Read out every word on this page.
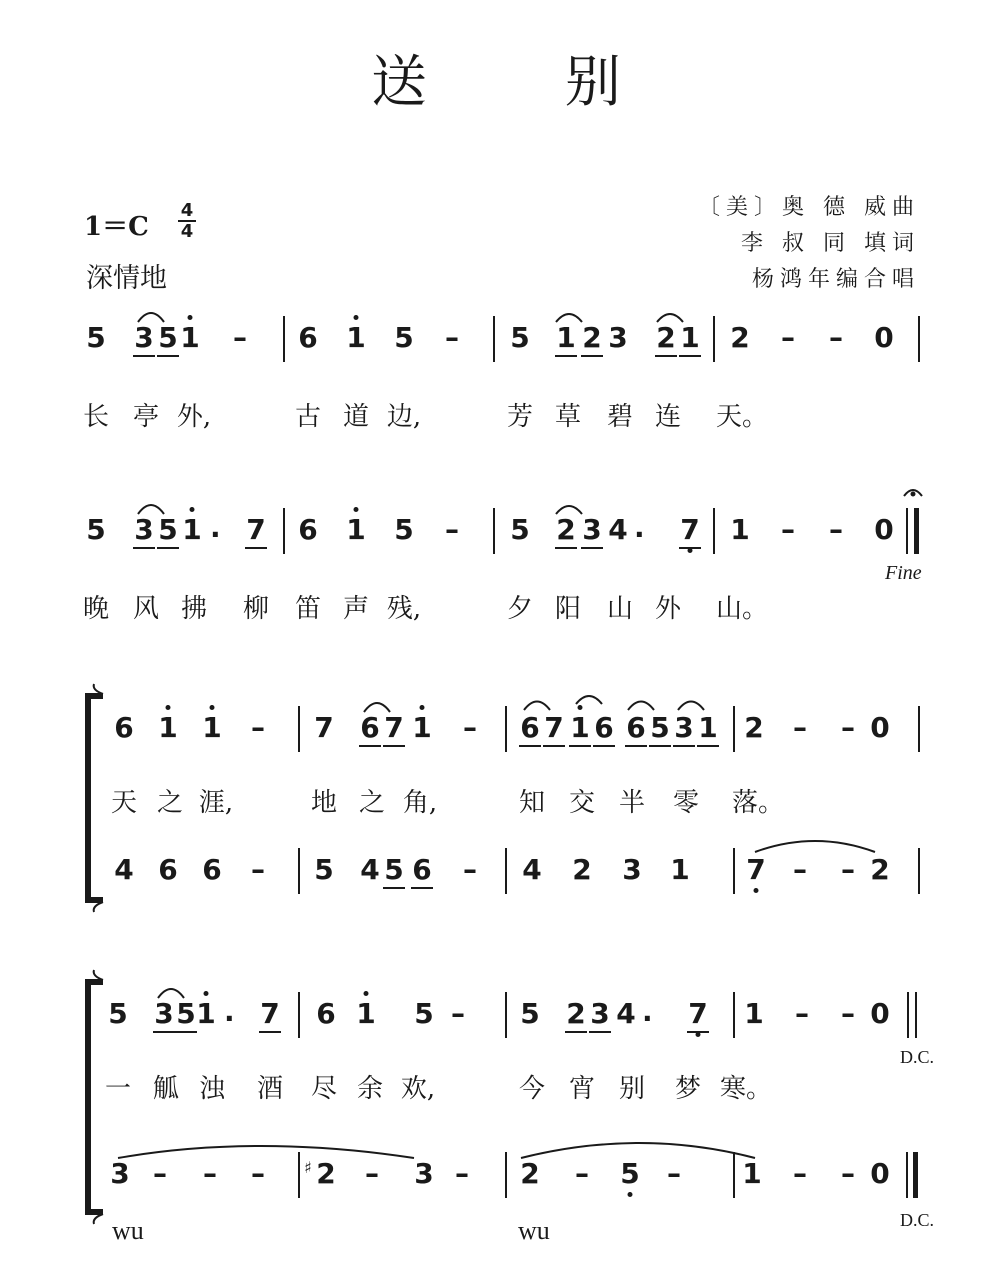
送 别
1＝C
4
4
深情地
〔美〕奥 德 威曲
李 叔 同 填词
杨鸿年编合唱
5 3 5 1 – 6 1 5 – 5 1 2 3 2 1 2 – – 0
长 亭 外,	古 道 边,	芳 草 碧 连 天。
5 3 5 1 . 7 6 1 5 – 5 2 3 4 . 7 1 – – 0
晚 风 拂 柳 笛 声 残,	夕 阳 山 外 山。
6 1 1 – 7 6 7 1 – 6 7 1 6 6 5 3 1 2 – – 0
天 之 涯,	地 之 角,	知 交 半 零 落。
4 6 6 – 5 4 5 6 – 4 2 3 1 7 – – 2
5 3 5 1 . 7 6 1 5 – 5 2 3 4 . 7 1 – – 0
一 觚 浊 酒 尽 余 欢,	今 宵 别 梦 寒。
3 – – –	♯ 2 – 3 – 2 – 5 – 1 – – 0
Fine
D.C.
D.C.
wu	wu
